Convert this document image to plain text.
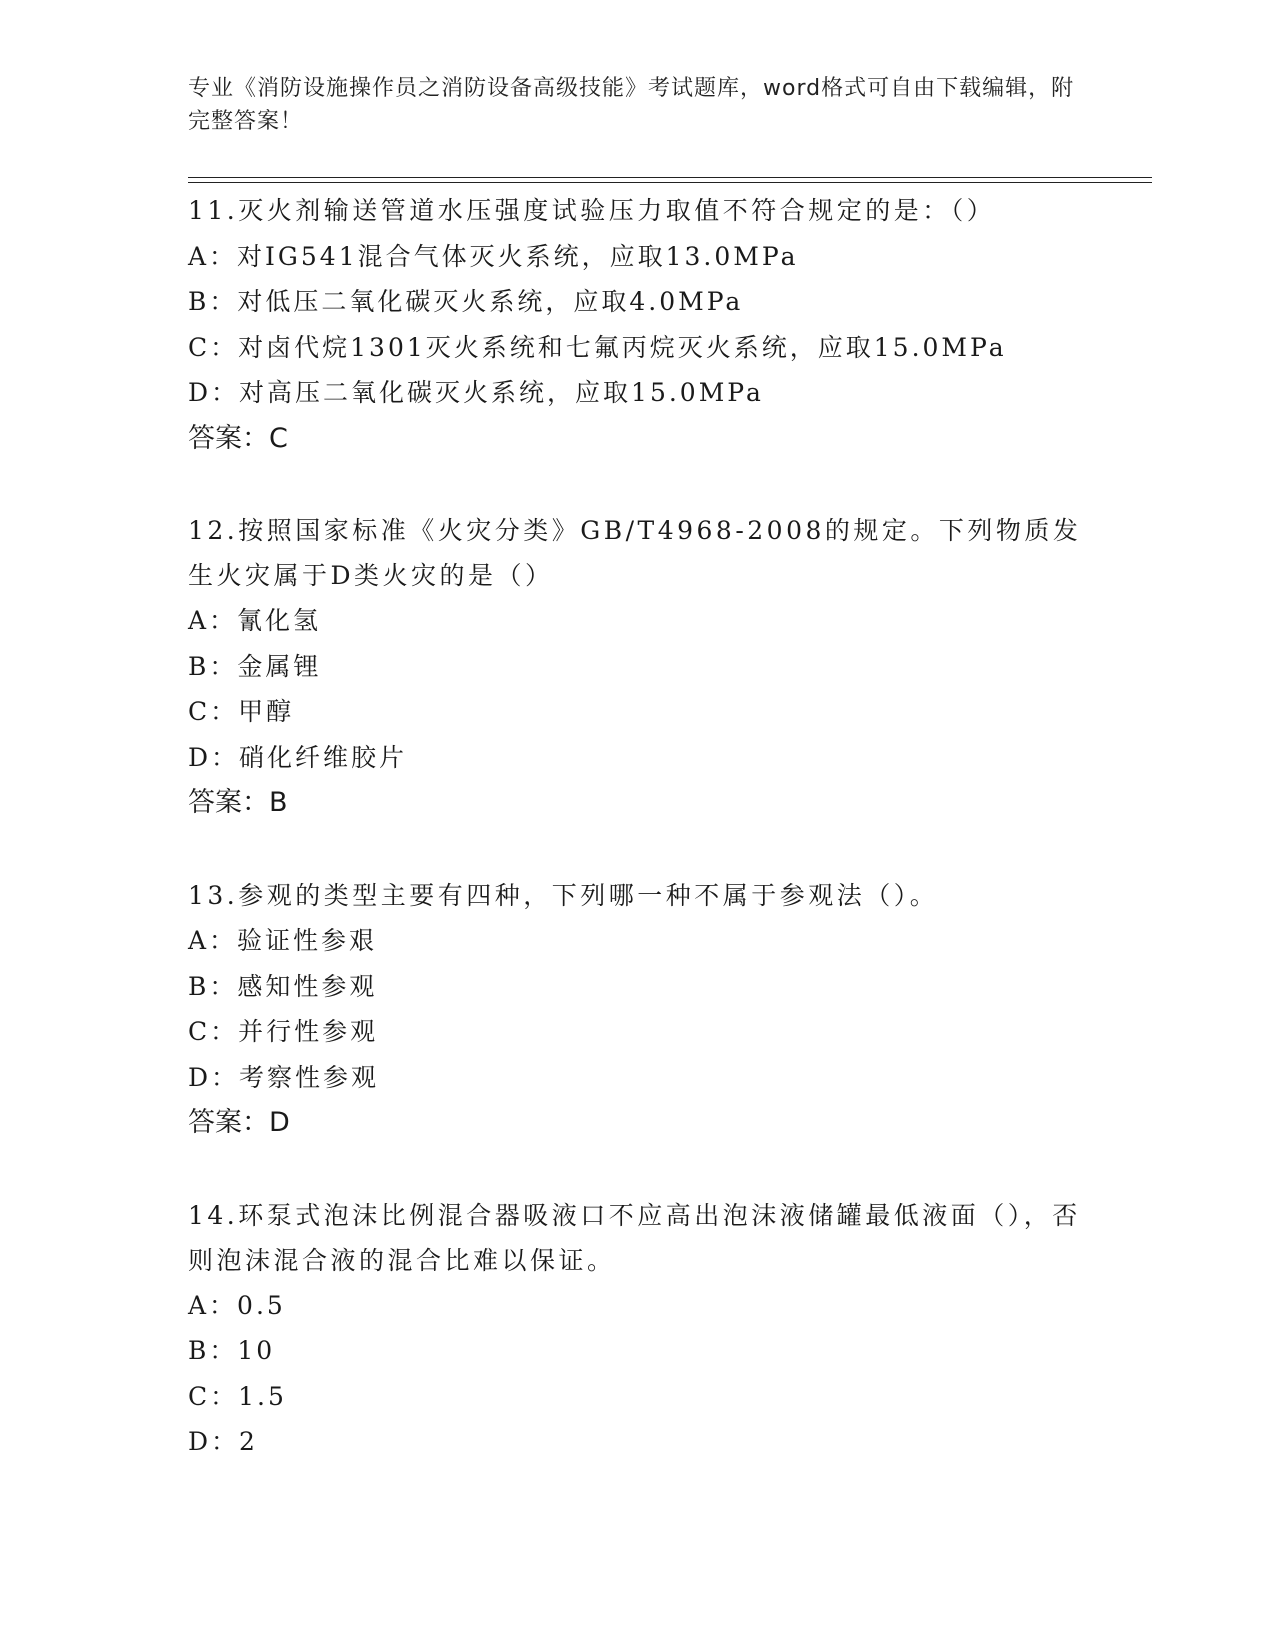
专业《消防设施操作员之消防设备高级技能》考试题库，word格式可自由下载编辑，附完整答案！

11.灭火剂输送管道水压强度试验压力取值不符合规定的是：（）

A：对IG541混合气体灭火系统，应取13.0MPa

B：对低压二氧化碳灭火系统，应取4.0MPa

C：对卤代烷1301灭火系统和七氟丙烷灭火系统，应取15.0MPa

D：对高压二氧化碳灭火系统，应取15.0MPa

答案：C

12.按照国家标准《火灾分类》GB/T4968-2008的规定。下列物质发生火灾属于D类火灾的是（）

A：氰化氢

B：金属锂

C：甲醇

D：硝化纤维胶片

答案：B

13.参观的类型主要有四种，下列哪一种不属于参观法（）。

A：验证性参艰

B：感知性参观

C：并行性参观

D：考察性参观

答案：D

14.环泵式泡沫比例混合器吸液口不应高出泡沫液储罐最低液面（），否则泡沫混合液的混合比难以保证。

A：0.5

B：10

C：1.5

D：2
